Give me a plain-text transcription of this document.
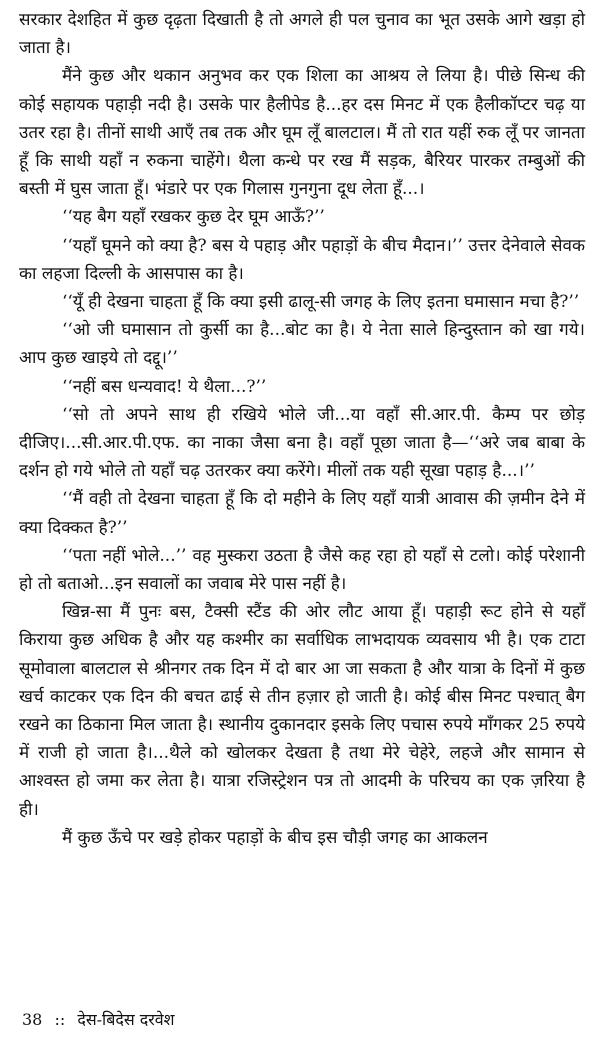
सरकार देशहित में कुछ दृढ़ता दिखाती है तो अगले ही पल चुनाव का भूत उसके आगे खड़ा हो जाता है।

मैंने कुछ और थकान अनुभव कर एक शिला का आश्रय ले लिया है। पीछे सिन्ध की कोई सहायक पहाड़ी नदी है। उसके पार हैलीपेड है...हर दस मिनट में एक हैलीकॉप्टर चढ़ या उतर रहा है। तीनों साथी आएँ तब तक और घूम लूँ बालटाल। मैं तो रात यहीं रुक लूँ पर जानता हूँ कि साथी यहाँ न रुकना चाहेंगे। थैला कन्धे पर रख मैं सड़क, बैरियर पारकर तम्बुओं की बस्ती में घुस जाता हूँ। भंडारे पर एक गिलास गुनगुना दूध लेता हूँ...।

‘‘यह बैग यहाँ रखकर कुछ देर घूम आऊँ?’’

‘‘यहाँ घूमने को क्या है? बस ये पहाड़ और पहाड़ों के बीच मैदान।’’ उत्तर देनेवाले सेवक का लहजा दिल्ली के आसपास का है।

‘‘यूँ ही देखना चाहता हूँ कि क्या इसी ढालू-सी जगह के लिए इतना घमासान मचा है?’’

‘‘ओ जी घमासान तो कुर्सी का है...बोट का है। ये नेता साले हिन्दुस्तान को खा गये। आप कुछ खाइये तो दद्दू।’’

‘‘नहीं बस धन्यवाद! ये थैला...?’’

‘‘सो तो अपने साथ ही रखिये भोले जी...या वहाँ सी.आर.पी. कैम्प पर छोड़ दीजिए।...सी.आर.पी.एफ. का नाका जैसा बना है। वहाँ पूछा जाता है—‘‘अरे जब बाबा के दर्शन हो गये भोले तो यहाँ चढ़ उतरकर क्या करेंगे। मीलों तक यही सूखा पहाड़ है...।’’

‘‘मैं वही तो देखना चाहता हूँ कि दो महीने के लिए यहाँ यात्री आवास की ज़मीन देने में क्या दिक्कत है?’’

‘‘पता नहीं भोले...’’ वह मुस्करा उठता है जैसे कह रहा हो यहाँ से टलो। कोई परेशानी हो तो बताओ...इन सवालों का जवाब मेरे पास नहीं है।

खिन्न-सा मैं पुनः बस, टैक्सी स्टैंड की ओर लौट आया हूँ। पहाड़ी रूट होने से यहाँ किराया कुछ अधिक है और यह कश्मीर का सर्वाधिक लाभदायक व्यवसाय भी है। एक टाटा सूमोवाला बालटाल से श्रीनगर तक दिन में दो बार आ जा सकता है और यात्रा के दिनों में कुछ खर्च काटकर एक दिन की बचत ढाई से तीन हज़ार हो जाती है। कोई बीस मिनट पश्चात् बैग रखने का ठिकाना मिल जाता है। स्थानीय दुकानदार इसके लिए पचास रुपये माँगकर 25 रुपये में राजी हो जाता है।...थैले को खोलकर देखता है तथा मेरे चेहेरे, लहजे और सामान से आश्वस्त हो जमा कर लेता है। यात्रा रजिस्ट्रेशन पत्र तो आदमी के परिचय का एक ज़रिया है ही।

मैं कुछ ऊँचे पर खड़े होकर पहाड़ों के बीच इस चौड़ी जगह का आकलन

38 :: देस-बिदेस दरवेश
